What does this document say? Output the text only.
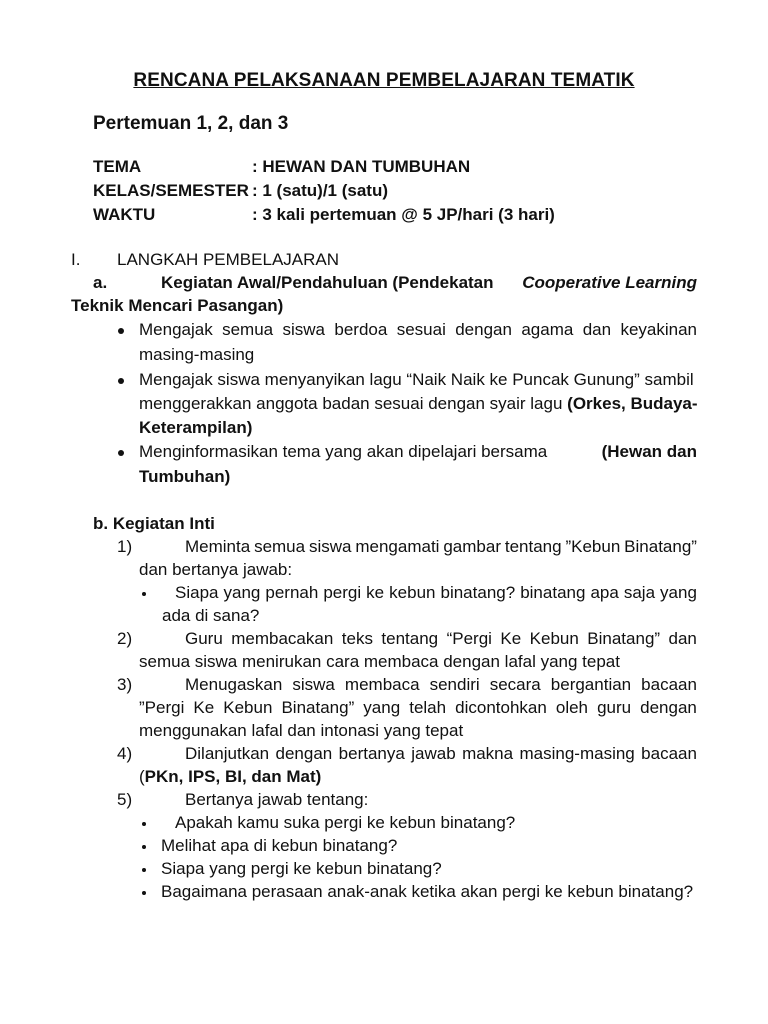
RENCANA PELAKSANAAN PEMBELAJARAN TEMATIK
Pertemuan 1, 2, dan 3
TEMA	: HEWAN DAN TUMBUHAN
KELAS/SEMESTER : 1 (satu)/1 (satu)
WAKTU	: 3 kali pertemuan @ 5 JP/hari (3 hari)
I. LANGKAH PEMBELAJARAN
a.	Kegiatan Awal/Pendahuluan (Pendekatan Cooperative Learning
Teknik Mencari Pasangan)
Mengajak semua siswa berdoa sesuai dengan agama dan keyakinan
masing-masing
Mengajak siswa menyanyikan lagu “Naik Naik ke Puncak Gunung” sambil
menggerakkan anggota badan sesuai dengan syair lagu (Orkes, Budaya-
Keterampilan)
Menginformasikan tema yang akan dipelajari bersama	(Hewan dan
Tumbuhan)
b. Kegiatan Inti
1)	Meminta semua siswa mengamati gambar tentang ”Kebun Binatang”
dan bertanya jawab:
Siapa yang pernah pergi ke kebun binatang? binatang apa saja yang
ada di sana?
2)	Guru membacakan teks tentang “Pergi Ke Kebun Binatang” dan
semua siswa menirukan cara membaca dengan lafal yang tepat
3)	Menugaskan siswa membaca sendiri secara bergantian bacaan
”Pergi Ke Kebun Binatang” yang telah dicontohkan oleh guru dengan
menggunakan lafal dan intonasi yang tepat
4)	Dilanjutkan dengan bertanya jawab makna masing-masing bacaan
(PKn, IPS, BI, dan Mat)
5)	Bertanya jawab tentang:
Apakah kamu suka pergi ke kebun binatang?
Melihat apa di kebun binatang?
Siapa yang pergi ke kebun binatang?
Bagaimana perasaan anak-anak ketika akan pergi ke kebun binatang?
